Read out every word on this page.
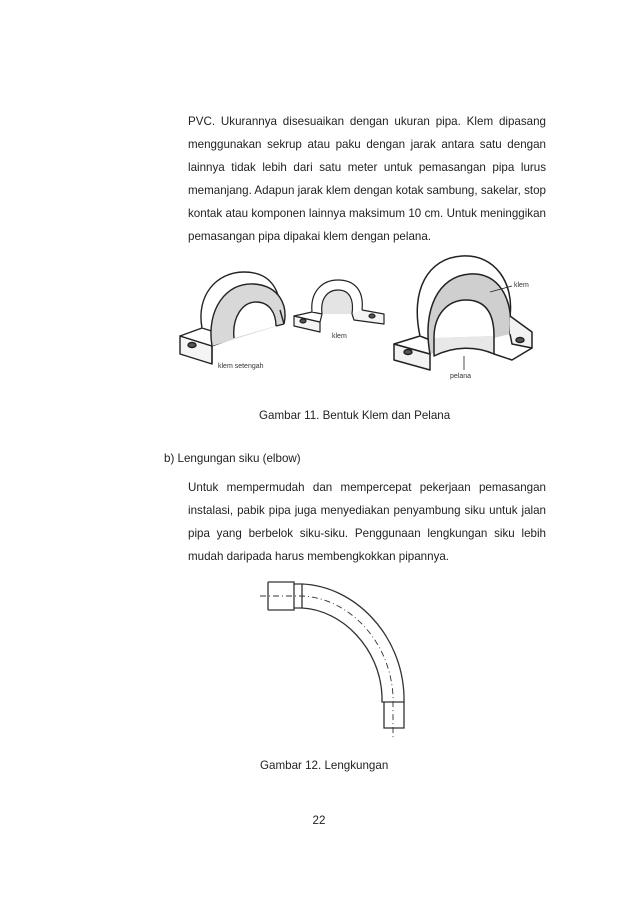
PVC. Ukurannya disesuaikan dengan ukuran pipa. Klem dipasang menggunakan sekrup atau paku dengan jarak antara satu dengan lainnya tidak lebih dari satu meter untuk pemasangan pipa lurus memanjang. Adapun jarak klem dengan kotak sambung, sakelar, stop kontak atau komponen lainnya maksimum 10 cm. Untuk meninggikan pemasangan pipa dipakai klem dengan pelana.

klem setengah
klem
klem
pelana

Gambar 11. Bentuk Klem dan Pelana

b) Lengungan siku (elbow)

Untuk mempermudah dan mempercepat pekerjaan pemasangan instalasi, pabik pipa juga menyediakan penyambung siku untuk jalan pipa yang berbelok siku-siku. Penggunaan lengkungan siku lebih mudah daripada harus membengkokkan pipannya.

Gambar 12. Lengkungan

22
